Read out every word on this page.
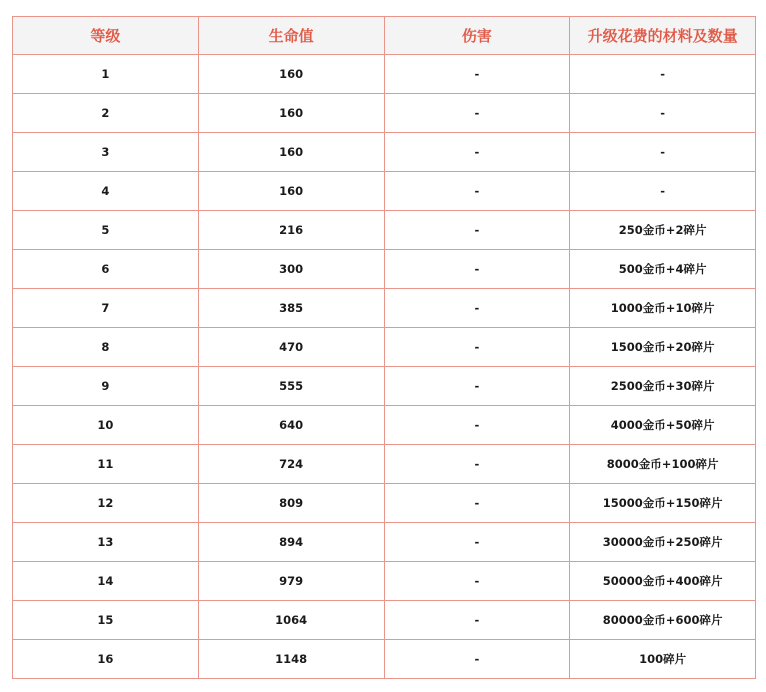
等级	生命值	伤害	升级花费的材料及数量
1	160	-	-
2	160	-	-
3	160	-	-
4	160	-	-
5	216	-	250金币+2碎片
6	300	-	500金币+4碎片
7	385	-	1000金币+10碎片
8	470	-	1500金币+20碎片
9	555	-	2500金币+30碎片
10	640	-	4000金币+50碎片
11	724	-	8000金币+100碎片
12	809	-	15000金币+150碎片
13	894	-	30000金币+250碎片
14	979	-	50000金币+400碎片
15	1064	-	80000金币+600碎片
16	1148	-	100碎片
